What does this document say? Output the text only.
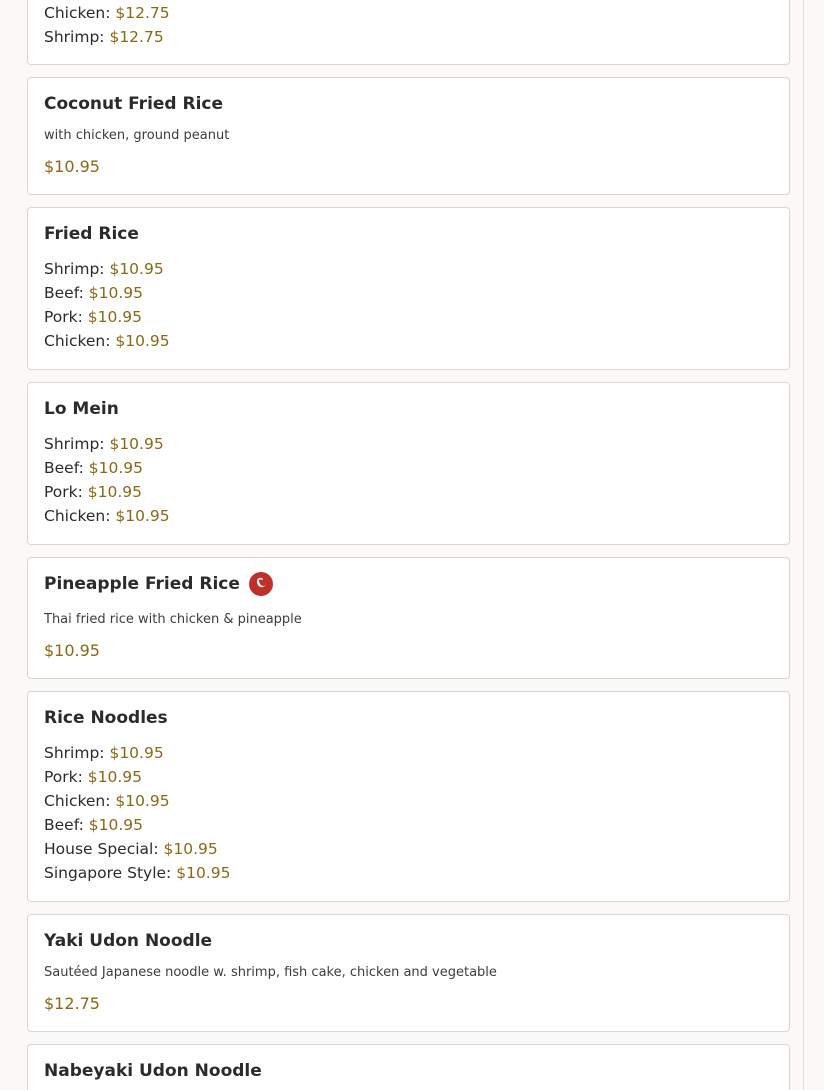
Chicken: $12.75
Shrimp: $12.75
Coconut Fried Rice
with chicken, ground peanut
$10.95
Fried Rice
Shrimp: $10.95
Beef: $10.95
Pork: $10.95
Chicken: $10.95
Lo Mein
Shrimp: $10.95
Beef: $10.95
Pork: $10.95
Chicken: $10.95
Pineapple Fried Rice
Thai fried rice with chicken & pineapple
$10.95
Rice Noodles
Shrimp: $10.95
Pork: $10.95
Chicken: $10.95
Beef: $10.95
House Special: $10.95
Singapore Style: $10.95
Yaki Udon Noodle
Sautéed Japanese noodle w. shrimp, fish cake, chicken and vegetable
$12.75
Nabeyaki Udon Noodle
